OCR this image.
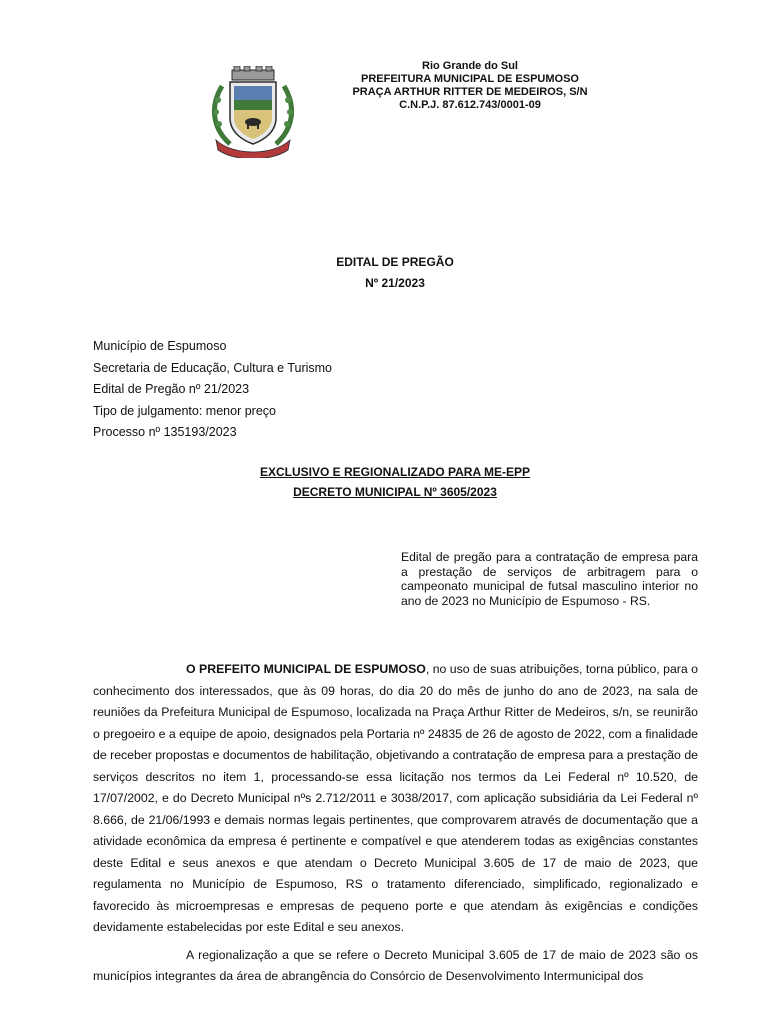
Rio Grande do Sul
PREFEITURA MUNICIPAL DE ESPUMOSO
PRAÇA ARTHUR RITTER DE MEDEIROS, S/N
C.N.P.J. 87.612.743/0001-09
EDITAL DE PREGÃO
Nº 21/2023
Município de Espumoso
Secretaria de Educação, Cultura e Turismo
Edital de Pregão nº 21/2023
Tipo de julgamento: menor preço
Processo nº 135193/2023
EXCLUSIVO E REGIONALIZADO PARA ME-EPP
DECRETO MUNICIPAL Nº 3605/2023
Edital de pregão para a contratação de empresa para a prestação de serviços de arbitragem para o campeonato municipal de futsal masculino interior no ano de 2023 no Município de Espumoso - RS.

O PREFEITO MUNICIPAL DE ESPUMOSO, no uso de suas atribuições, torna público, para o conhecimento dos interessados, que às 09 horas, do dia 20 do mês de junho do ano de 2023, na sala de reuniões da Prefeitura Municipal de Espumoso, localizada na Praça Arthur Ritter de Medeiros, s/n, se reunirão o pregoeiro e a equipe de apoio, designados pela Portaria nº 24835 de 26 de agosto de 2022, com a finalidade de receber propostas e documentos de habilitação, objetivando a contratação de empresa para a prestação de serviços descritos no item 1, processando-se essa licitação nos termos da Lei Federal nº 10.520, de 17/07/2002, e do Decreto Municipal nºs 2.712/2011 e 3038/2017, com aplicação subsidiária da Lei Federal nº 8.666, de 21/06/1993 e demais normas legais pertinentes, que comprovarem através de documentação que a atividade econômica da empresa é pertinente e compatível e que atenderem todas as exigências constantes deste Edital e seus anexos e que atendam o Decreto Municipal 3.605 de 17 de maio de 2023, que regulamenta no Município de Espumoso, RS o tratamento diferenciado, simplificado, regionalizado e favorecido às microempresas e empresas de pequeno porte e que atendam às exigências e condições devidamente estabelecidas por este Edital e seu anexos.

A regionalização a que se refere o Decreto Municipal 3.605 de 17 de maio de 2023 são os municípios integrantes da área de abrangência do Consórcio de Desenvolvimento Intermunicipal dos
